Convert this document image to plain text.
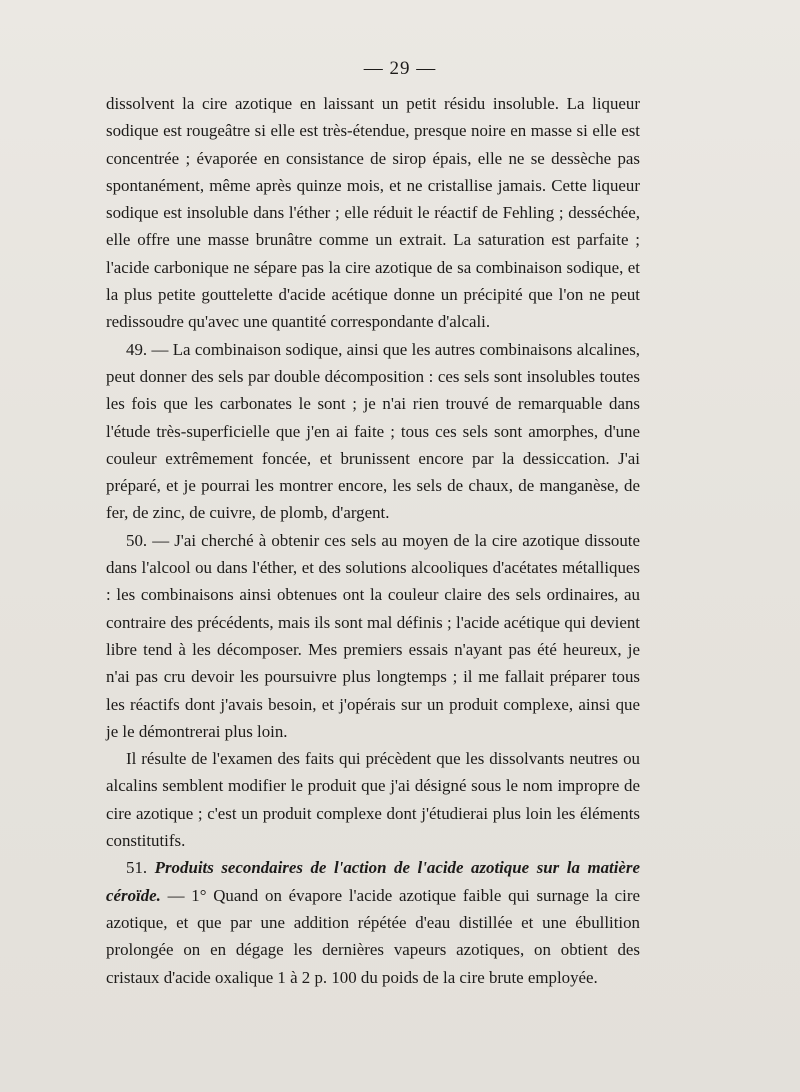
— 29 —

dissolvent la cire azotique en laissant un petit résidu insoluble. La liqueur sodique est rougeâtre si elle est très-étendue, presque noire en masse si elle est concentrée ; évaporée en consistance de sirop épais, elle ne se dessèche pas spontanément, même après quinze mois, et ne cristallise jamais. Cette liqueur sodique est insoluble dans l'éther ; elle réduit le réactif de Fehling ; desséchée, elle offre une masse brunâtre comme un extrait. La saturation est parfaite ; l'acide carbonique ne sépare pas la cire azotique de sa combinaison sodique, et la plus petite gouttelette d'acide acétique donne un précipité que l'on ne peut redissoudre qu'avec une quantité correspondante d'alcali.

49. — La combinaison sodique, ainsi que les autres combinaisons alcalines, peut donner des sels par double décomposition : ces sels sont insolubles toutes les fois que les carbonates le sont ; je n'ai rien trouvé de remarquable dans l'étude très-superficielle que j'en ai faite ; tous ces sels sont amorphes, d'une couleur extrêmement foncée, et brunissent encore par la dessiccation. J'ai préparé, et je pourrai les montrer encore, les sels de chaux, de manganèse, de fer, de zinc, de cuivre, de plomb, d'argent.

50. — J'ai cherché à obtenir ces sels au moyen de la cire azotique dissoute dans l'alcool ou dans l'éther, et des solutions alcooliques d'acétates métalliques : les combinaisons ainsi obtenues ont la couleur claire des sels ordinaires, au contraire des précédents, mais ils sont mal définis ; l'acide acétique qui devient libre tend à les décomposer. Mes premiers essais n'ayant pas été heureux, je n'ai pas cru devoir les poursuivre plus longtemps ; il me fallait préparer tous les réactifs dont j'avais besoin, et j'opérais sur un produit complexe, ainsi que je le démontrerai plus loin.

Il résulte de l'examen des faits qui précèdent que les dissolvants neutres ou alcalins semblent modifier le produit que j'ai désigné sous le nom impropre de cire azotique ; c'est un produit complexe dont j'étudierai plus loin les éléments constitutifs.

51. Produits secondaires de l'action de l'acide azotique sur la matière céroïde. — 1° Quand on évapore l'acide azotique faible qui surnage la cire azotique, et que par une addition répétée d'eau distillée et une ébullition prolongée on en dégage les dernières vapeurs azotiques, on obtient des cristaux d'acide oxalique 1 à 2 p. 100 du poids de la cire brute employée.
